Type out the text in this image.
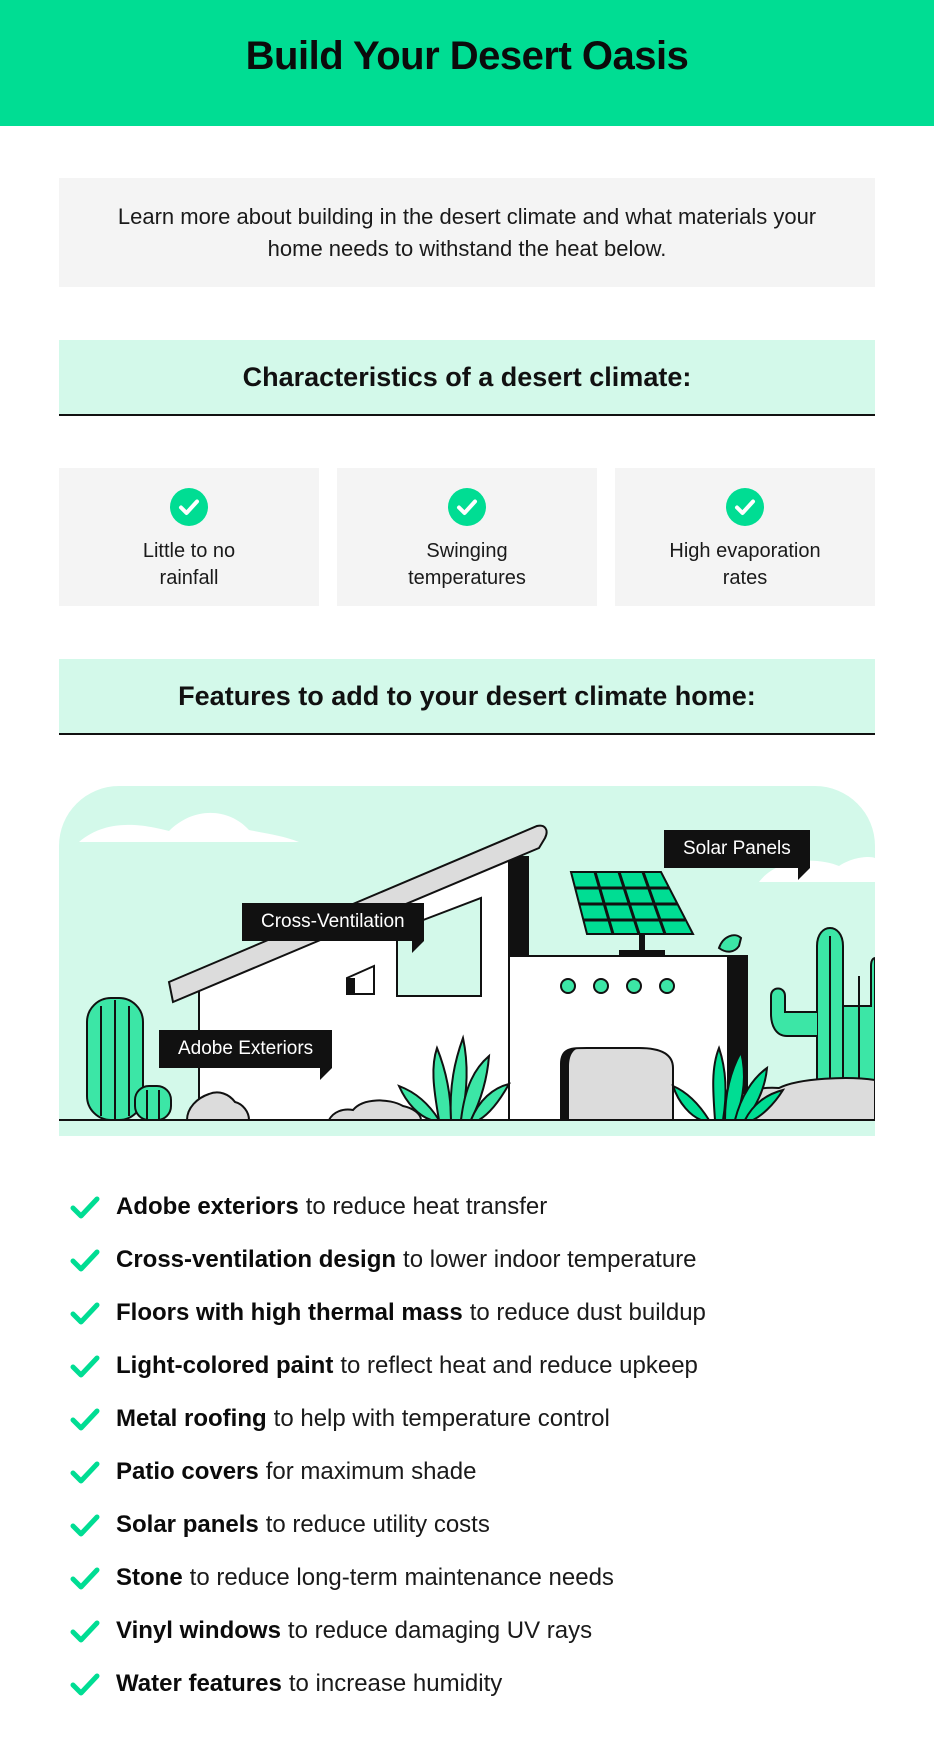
Build Your Desert Oasis

Learn more about building in the desert climate and what materials your home needs to withstand the heat below.

Characteristics of a desert climate:
Little to no
rainfall
Swinging
temperatures
High evaporation
rates
Features to add to your desert climate home:
Solar Panels
Cross-Ventilation
Adobe Exteriors
Adobe exteriors to reduce heat transfer
Cross-ventilation design to lower indoor temperature
Floors with high thermal mass to reduce dust buildup
Light-colored paint to reflect heat and reduce upkeep
Metal roofing to help with temperature control
Patio covers for maximum shade
Solar panels to reduce utility costs
Stone to reduce long-term maintenance needs
Vinyl windows to reduce damaging UV rays
Water features to increase humidity
